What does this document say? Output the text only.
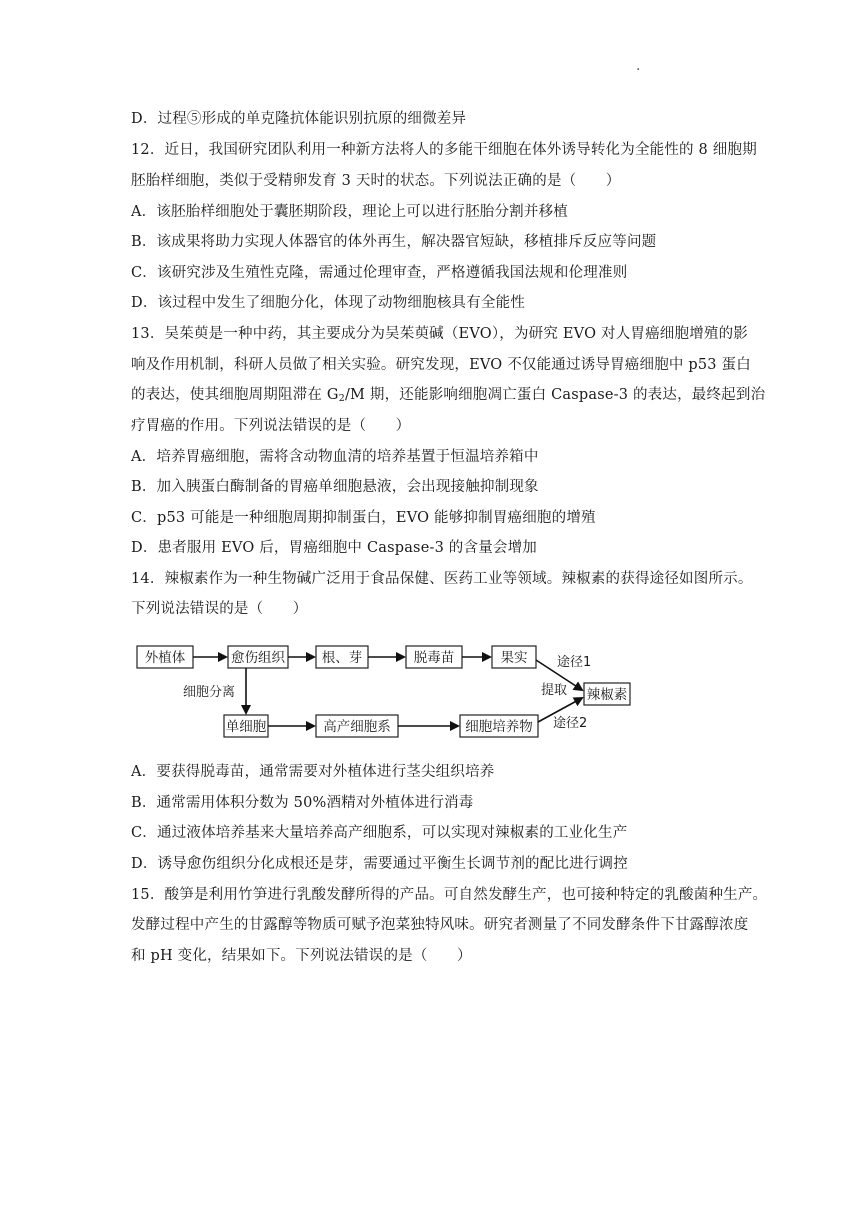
.
D．过程⑤形成的单克隆抗体能识别抗原的细微差异
12．近日，我国研究团队利用一种新方法将人的多能干细胞在体外诱导转化为全能性的 8 细胞期
胚胎样细胞，类似于受精卵发育 3 天时的状态。下列说法正确的是（　　）
A．该胚胎样细胞处于囊胚期阶段，理论上可以进行胚胎分割并移植
B．该成果将助力实现人体器官的体外再生，解决器官短缺，移植排斥反应等问题
C．该研究涉及生殖性克隆，需通过伦理审查，严格遵循我国法规和伦理准则
D．该过程中发生了细胞分化，体现了动物细胞核具有全能性
13．吴茱萸是一种中药，其主要成分为吴茱萸碱（EVO），为研究 EVO 对人胃癌细胞增殖的影
响及作用机制，科研人员做了相关实验。研究发现，EVO 不仅能通过诱导胃癌细胞中 p53 蛋白
的表达，使其细胞周期阻滞在 $G_2/M$ 期，还能影响细胞凋亡蛋白 Caspase-3 的表达，最终起到治
疗胃癌的作用。下列说法错误的是（　　）
A．培养胃癌细胞，需将含动物血清的培养基置于恒温培养箱中
B．加入胰蛋白酶制备的胃癌单细胞悬液，会出现接触抑制现象
C．p53 可能是一种细胞周期抑制蛋白，EVO 能够抑制胃癌细胞的增殖
D．患者服用 EVO 后，胃癌细胞中 Caspase-3 的含量会增加
14．辣椒素作为一种生物碱广泛用于食品保健、医药工业等领域。辣椒素的获得途径如图所示。
下列说法错误的是（　　）
外植体	愈伤组织	根、芽	脱毒苗	果实
辣椒素
单细胞	高产细胞系	细胞培养物
细胞分离
途径1
提取
途径2
A．要获得脱毒苗，通常需要对外植体进行茎尖组织培养
B．通常需用体积分数为 50%酒精对外植体进行消毒
C．通过液体培养基来大量培养高产细胞系，可以实现对辣椒素的工业化生产
D．诱导愈伤组织分化成根还是芽，需要通过平衡生长调节剂的配比进行调控
15．酸笋是利用竹笋进行乳酸发酵所得的产品。可自然发酵生产，也可接种特定的乳酸菌种生产。
发酵过程中产生的甘露醇等物质可赋予泡菜独特风味。研究者测量了不同发酵条件下甘露醇浓度
和 pH 变化，结果如下。下列说法错误的是（　　）
